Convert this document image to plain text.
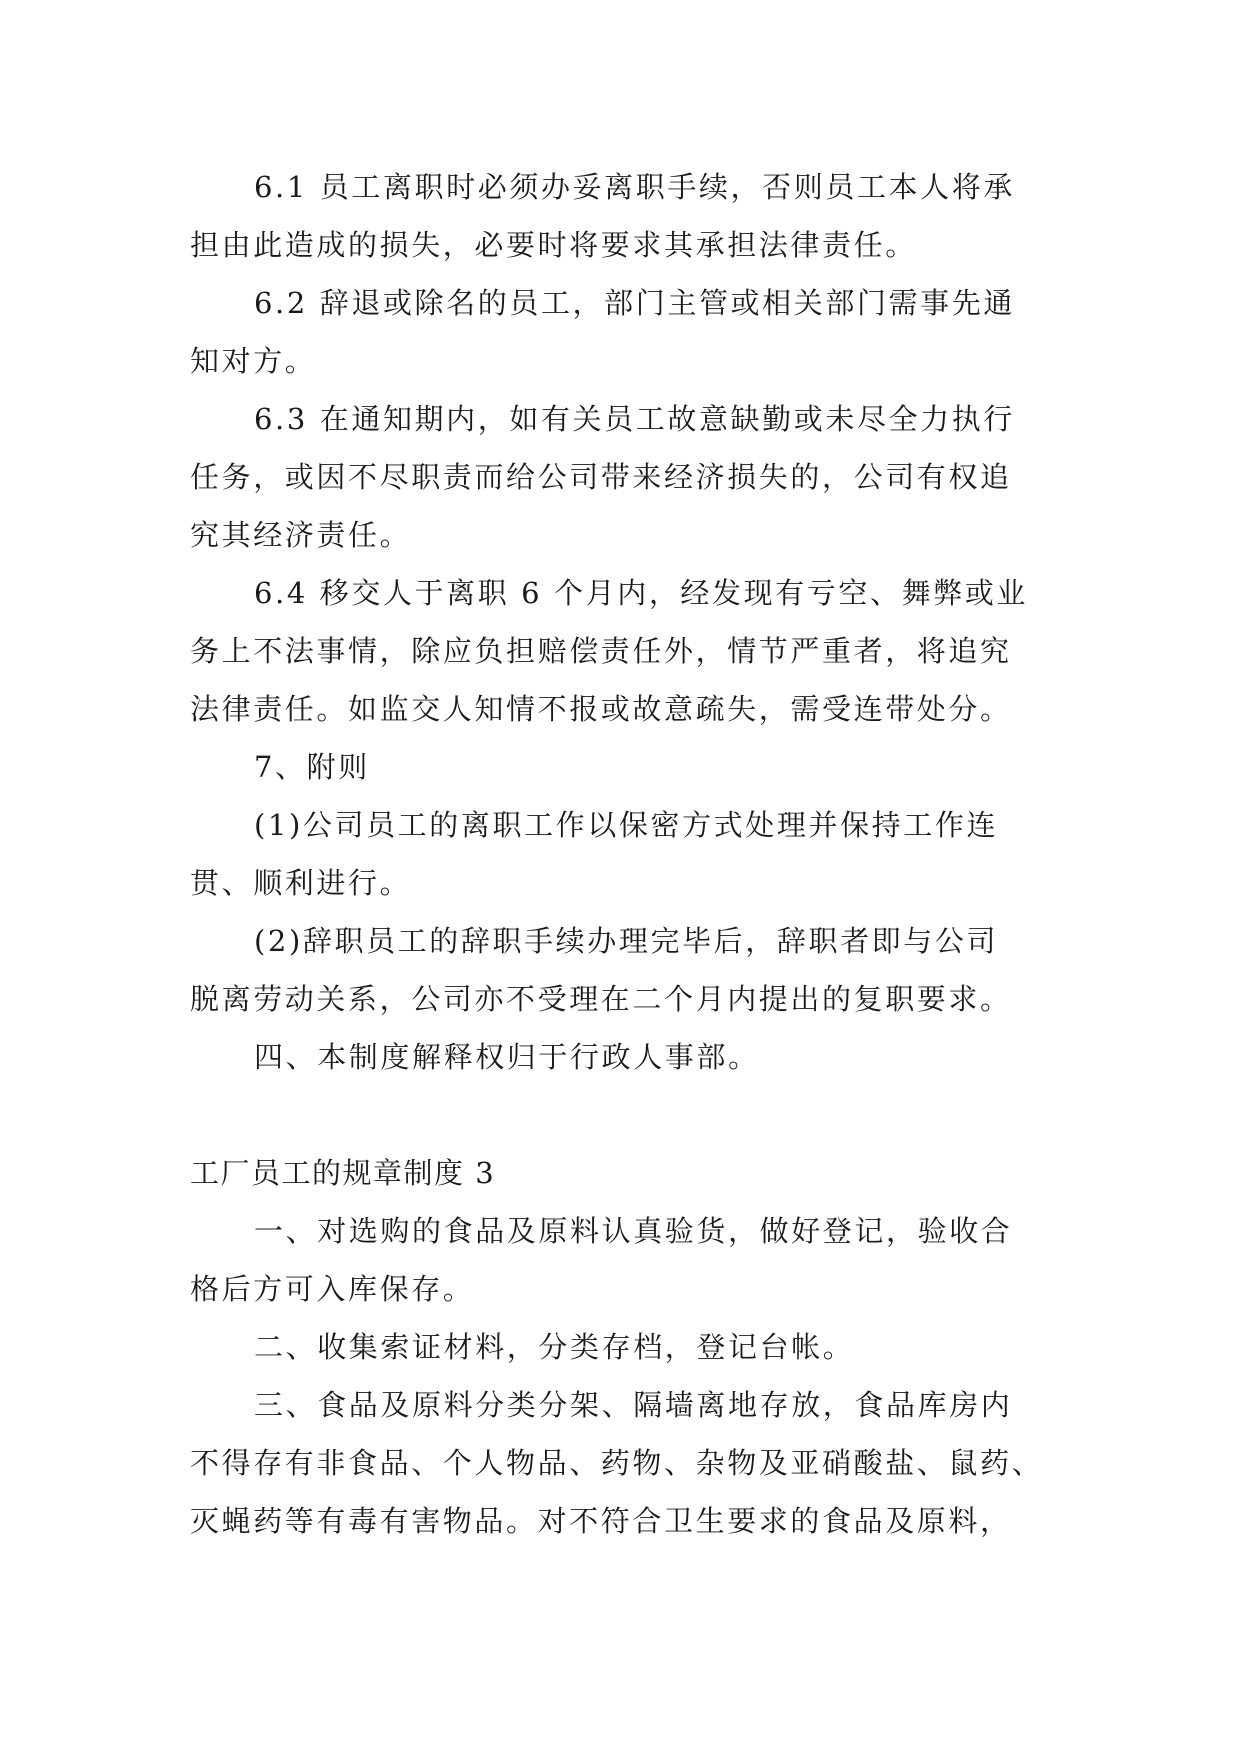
6.1 员工离职时必须办妥离职手续，否则员工本人将承
担由此造成的损失，必要时将要求其承担法律责任。
6.2 辞退或除名的员工，部门主管或相关部门需事先通
知对方。
6.3 在通知期内，如有关员工故意缺勤或未尽全力执行
任务，或因不尽职责而给公司带来经济损失的，公司有权追
究其经济责任。
6.4 移交人于离职 6 个月内，经发现有亏空、舞弊或业
务上不法事情，除应负担赔偿责任外，情节严重者，将追究
法律责任。如监交人知情不报或故意疏失，需受连带处分。
7、附则
(1)公司员工的离职工作以保密方式处理并保持工作连
贯、顺利进行。
(2)辞职员工的辞职手续办理完毕后，辞职者即与公司
脱离劳动关系，公司亦不受理在二个月内提出的复职要求。
四、本制度解释权归于行政人事部。
工厂员工的规章制度 3
一、对选购的食品及原料认真验货，做好登记，验收合
格后方可入库保存。
二、收集索证材料，分类存档，登记台帐。
三、食品及原料分类分架、隔墙离地存放，食品库房内
不得存有非食品、个人物品、药物、杂物及亚硝酸盐、鼠药、
灭蝇药等有毒有害物品。对不符合卫生要求的食品及原料，
